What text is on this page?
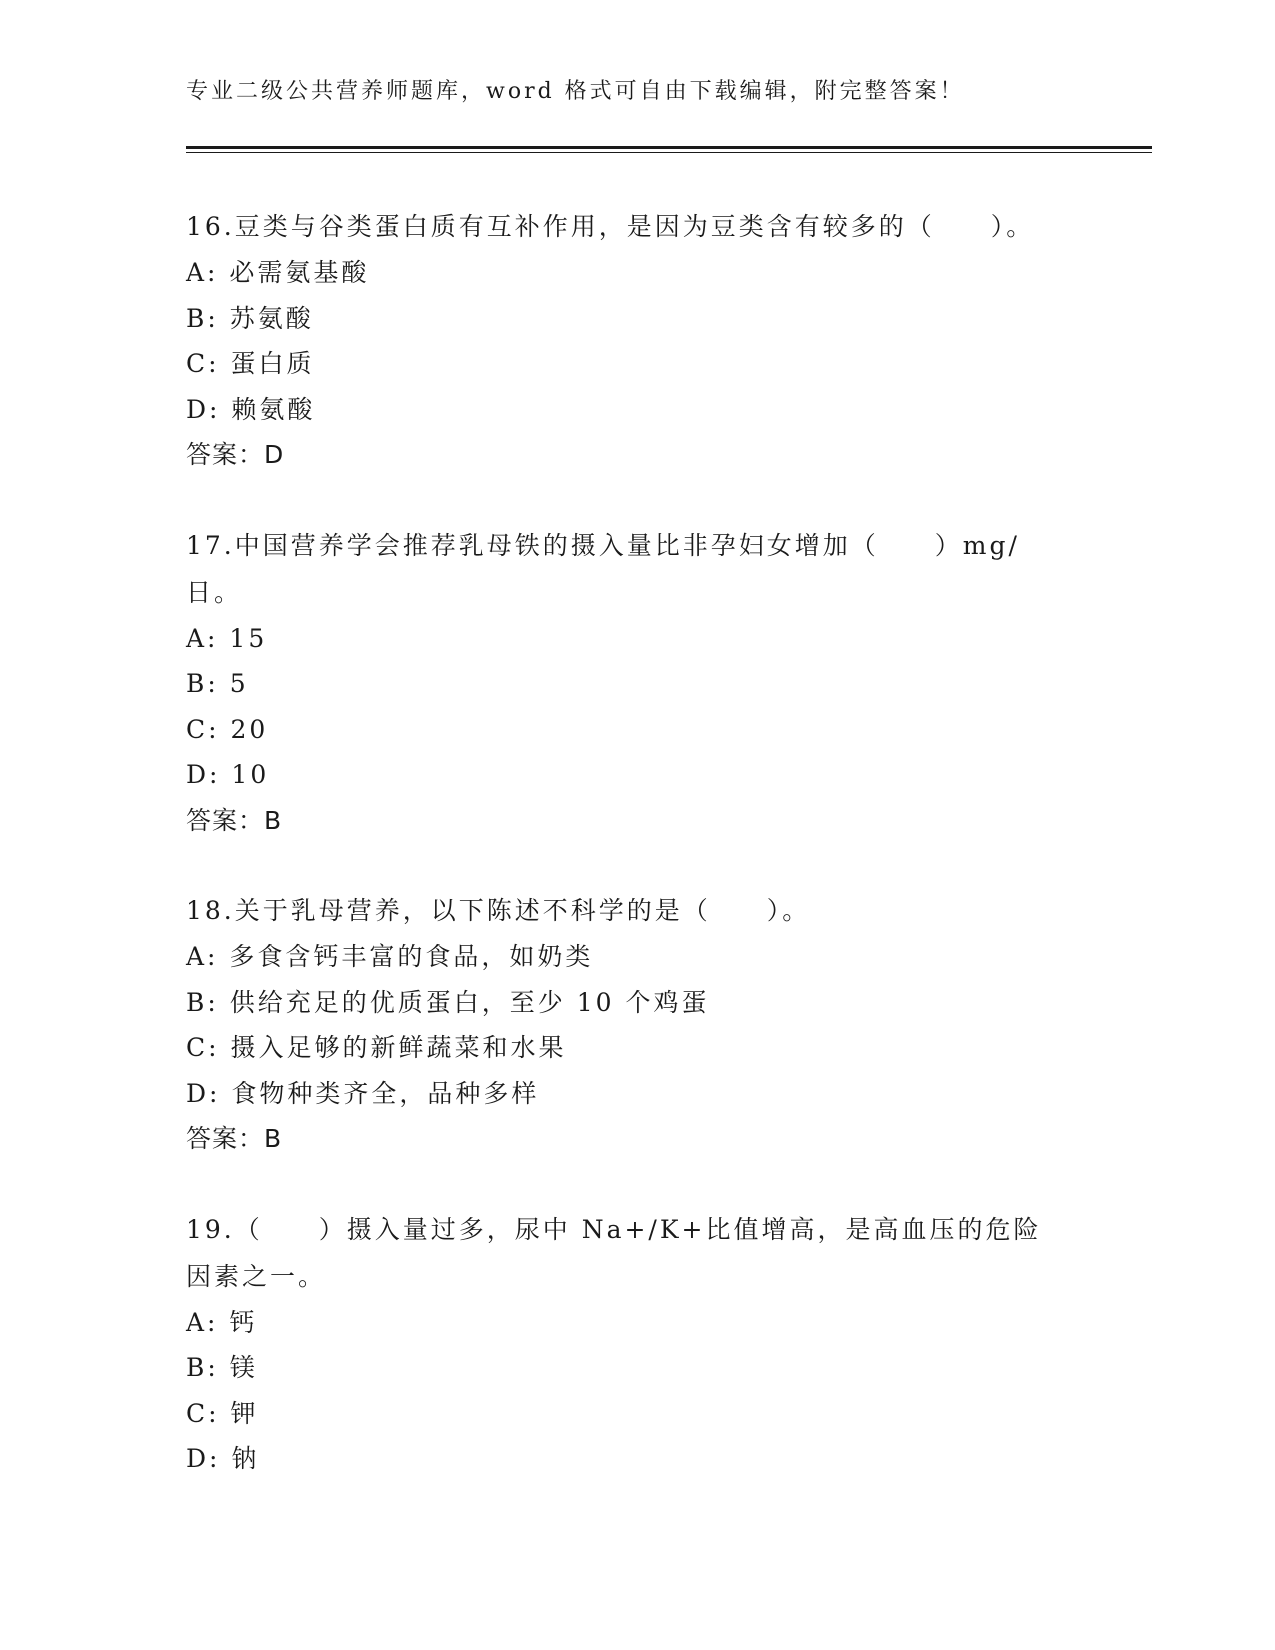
专业二级公共营养师题库，word 格式可自由下载编辑，附完整答案！

16.豆类与谷类蛋白质有互补作用，是因为豆类含有较多的（　　）。

A: 必需氨基酸

B: 苏氨酸

C: 蛋白质

D: 赖氨酸

答案：D

17.中国营养学会推荐乳母铁的摄入量比非孕妇女增加（　　）mg/日。

A: 15

B: 5

C: 20

D: 10

答案：B

18.关于乳母营养，以下陈述不科学的是（　　）。

A: 多食含钙丰富的食品，如奶类

B: 供给充足的优质蛋白，至少 10 个鸡蛋

C: 摄入足够的新鲜蔬菜和水果

D: 食物种类齐全，品种多样

答案：B

19.（　　）摄入量过多，尿中 Na+/K+比值增高，是高血压的危险因素之一。

A: 钙

B: 镁

C: 钾

D: 钠
